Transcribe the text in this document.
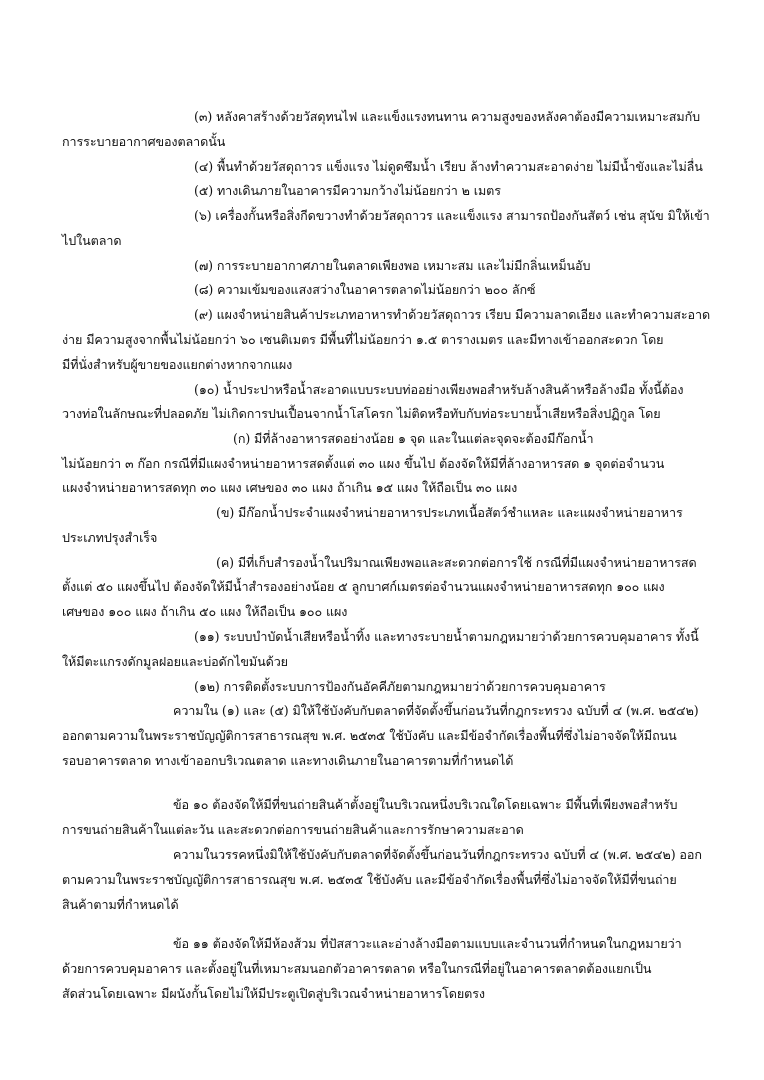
(๓) หลังคาสร้างด้วยวัสดุทนไฟ และแข็งแรงทนทาน ความสูงของหลังคาต้องมีความเหมาะสมกับ
การระบายอากาศของตลาดนั้น
(๔) พื้นทำด้วยวัสดุถาวร แข็งแรง ไม่ดูดซึมน้ำ เรียบ ล้างทำความสะอาดง่าย ไม่มีน้ำขังและไม่ลื่น
(๕) ทางเดินภายในอาคารมีความกว้างไม่น้อยกว่า ๒ เมตร
(๖) เครื่องกั้นหรือสิ่งกีดขวางทำด้วยวัสดุถาวร และแข็งแรง สามารถป้องกันสัตว์ เช่น สุนัข มิให้เข้า
ไปในตลาด
(๗) การระบายอากาศภายในตลาดเพียงพอ เหมาะสม และไม่มีกลิ่นเหม็นอับ
(๘) ความเข้มของแสงสว่างในอาคารตลาดไม่น้อยกว่า ๒๐๐ ลักซ์
(๙) แผงจำหน่ายสินค้าประเภทอาหารทำด้วยวัสดุถาวร เรียบ มีความลาดเอียง และทำความสะอาด
ง่าย มีความสูงจากพื้นไม่น้อยกว่า ๖๐ เซนติเมตร มีพื้นที่ไม่น้อยกว่า ๑.๕ ตารางเมตร และมีทางเข้าออกสะดวก โดย
มีที่นั่งสำหรับผู้ขายของแยกต่างหากจากแผง
(๑๐) น้ำประปาหรือน้ำสะอาดแบบระบบท่ออย่างเพียงพอสำหรับล้างสินค้าหรือล้างมือ ทั้งนี้ต้อง
วางท่อในลักษณะที่ปลอดภัย ไม่เกิดการปนเปื้อนจากน้ำโสโครก ไม่ติดหรือทับกับท่อระบายน้ำเสียหรือสิ่งปฏิกูล โดย
(ก) มีที่ล้างอาหารสดอย่างน้อย ๑ จุด และในแต่ละจุดจะต้องมีก๊อกน้ำ
ไม่น้อยกว่า ๓ ก๊อก กรณีที่มีแผงจำหน่ายอาหารสดตั้งแต่ ๓๐ แผง ขึ้นไป ต้องจัดให้มีที่ล้างอาหารสด ๑ จุดต่อจำนวน
แผงจำหน่ายอาหารสดทุก ๓๐ แผง เศษของ ๓๐ แผง ถ้าเกิน ๑๕ แผง ให้ถือเป็น ๓๐ แผง
(ข) มีก๊อกน้ำประจำแผงจำหน่ายอาหารประเภทเนื้อสัตว์ชำแหละ และแผงจำหน่ายอาหาร
ประเภทปรุงสำเร็จ
(ค) มีที่เก็บสำรองน้ำในปริมาณเพียงพอและสะดวกต่อการใช้ กรณีที่มีแผงจำหน่ายอาหารสด
ตั้งแต่ ๕๐ แผงขึ้นไป ต้องจัดให้มีน้ำสำรองอย่างน้อย ๕ ลูกบาศก์เมตรต่อจำนวนแผงจำหน่ายอาหารสดทุก ๑๐๐ แผง
เศษของ ๑๐๐ แผง ถ้าเกิน ๕๐ แผง ให้ถือเป็น ๑๐๐ แผง
(๑๑) ระบบบำบัดน้ำเสียหรือน้ำทิ้ง และทางระบายน้ำตามกฎหมายว่าด้วยการควบคุมอาคาร ทั้งนี้
ให้มีตะแกรงดักมูลฝอยและบ่อดักไขมันด้วย
(๑๒) การติดตั้งระบบการป้องกันอัคคีภัยตามกฎหมายว่าด้วยการควบคุมอาคาร
ความใน (๑) และ (๕) มิให้ใช้บังคับกับตลาดที่จัดตั้งขึ้นก่อนวันที่กฎกระทรวง ฉบับที่ ๔ (พ.ศ. ๒๕๔๒)
ออกตามความในพระราชบัญญัติการสาธารณสุข พ.ศ. ๒๕๓๕ ใช้บังคับ และมีข้อจำกัดเรื่องพื้นที่ซึ่งไม่อาจจัดให้มีถนน
รอบอาคารตลาด ทางเข้าออกบริเวณตลาด และทางเดินภายในอาคารตามที่กำหนดได้
ข้อ ๑๐ ต้องจัดให้มีที่ขนถ่ายสินค้าตั้งอยู่ในบริเวณหนึ่งบริเวณใดโดยเฉพาะ มีพื้นที่เพียงพอสำหรับ
การขนถ่ายสินค้าในแต่ละวัน และสะดวกต่อการขนถ่ายสินค้าและการรักษาความสะอาด
ความในวรรคหนึ่งมิให้ใช้บังคับกับตลาดที่จัดตั้งขึ้นก่อนวันที่กฎกระทรวง ฉบับที่ ๔ (พ.ศ. ๒๕๔๒) ออก
ตามความในพระราชบัญญัติการสาธารณสุข พ.ศ. ๒๕๓๕ ใช้บังคับ และมีข้อจำกัดเรื่องพื้นที่ซึ่งไม่อาจจัดให้มีที่ขนถ่าย
สินค้าตามที่กำหนดได้
ข้อ ๑๑ ต้องจัดให้มีห้องส้วม ที่ปัสสาวะและอ่างล้างมือตามแบบและจำนวนที่กำหนดในกฎหมายว่า
ด้วยการควบคุมอาคาร และตั้งอยู่ในที่เหมาะสมนอกตัวอาคารตลาด หรือในกรณีที่อยู่ในอาคารตลาดต้องแยกเป็น
สัดส่วนโดยเฉพาะ มีผนังกั้นโดยไม่ให้มีประตูเปิดสู่บริเวณจำหน่ายอาหารโดยตรง
